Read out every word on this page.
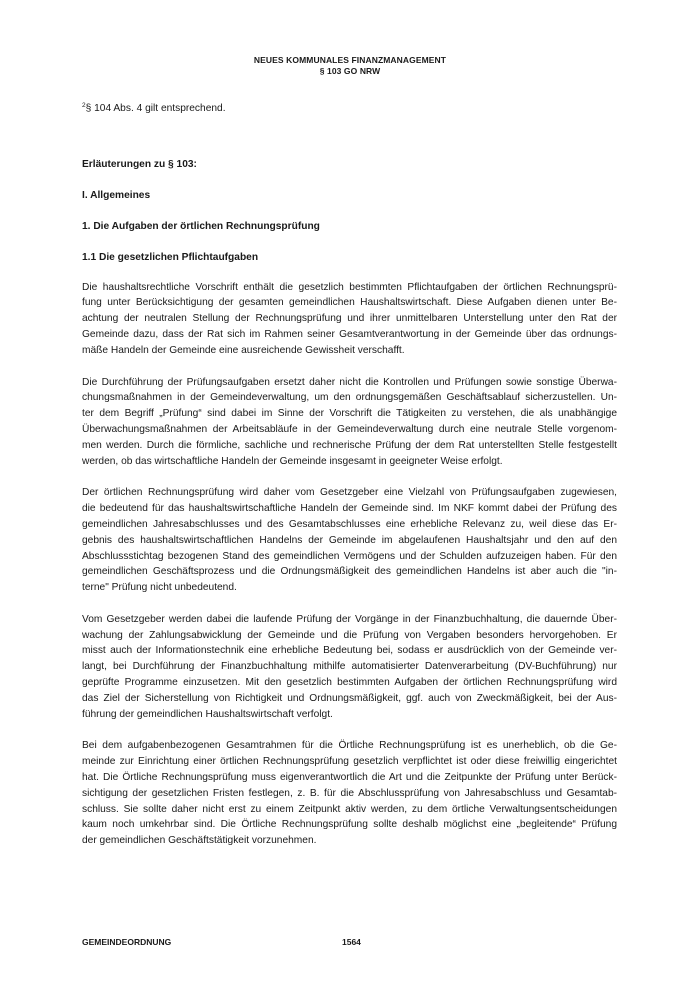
NEUES KOMMUNALES FINANZMANAGEMENT
§ 103 GO NRW

$^2$§ 104 Abs. 4 gilt entsprechend.

Erläuterungen zu § 103:

I. Allgemeines

1. Die Aufgaben der örtlichen Rechnungsprüfung

1.1 Die gesetzlichen Pflichtaufgaben

Die haushaltsrechtliche Vorschrift enthält die gesetzlich bestimmten Pflichtaufgaben der örtlichen Rechnungsprü-
fung unter Berücksichtigung der gesamten gemeindlichen Haushaltswirtschaft. Diese Aufgaben dienen unter Be-
achtung der neutralen Stellung der Rechnungsprüfung und ihrer unmittelbaren Unterstellung unter den Rat der
Gemeinde dazu, dass der Rat sich im Rahmen seiner Gesamtverantwortung in der Gemeinde über das ordnungs-
mäße Handeln der Gemeinde eine ausreichende Gewissheit verschafft.
Die Durchführung der Prüfungsaufgaben ersetzt daher nicht die Kontrollen und Prüfungen sowie sonstige Überwa-
chungsmaßnahmen in der Gemeindeverwaltung, um den ordnungsgemäßen Geschäftsablauf sicherzustellen. Un-
ter dem Begriff „Prüfung“ sind dabei im Sinne der Vorschrift die Tätigkeiten zu verstehen, die als unabhängige
Überwachungsmaßnahmen der Arbeitsabläufe in der Gemeindeverwaltung durch eine neutrale Stelle vorgenom-
men werden. Durch die förmliche, sachliche und rechnerische Prüfung der dem Rat unterstellten Stelle festgestellt
werden, ob das wirtschaftliche Handeln der Gemeinde insgesamt in geeigneter Weise erfolgt.
Der örtlichen Rechnungsprüfung wird daher vom Gesetzgeber eine Vielzahl von Prüfungsaufgaben zugewiesen,
die bedeutend für das haushaltswirtschaftliche Handeln der Gemeinde sind. Im NKF kommt dabei der Prüfung des
gemeindlichen Jahresabschlusses und des Gesamtabschlusses eine erhebliche Relevanz zu, weil diese das Er-
gebnis des haushaltswirtschaftlichen Handelns der Gemeinde im abgelaufenen Haushaltsjahr und den auf den
Abschlussstichtag bezogenen Stand des gemeindlichen Vermögens und der Schulden aufzuzeigen haben. Für den
gemeindlichen Geschäftsprozess und die Ordnungsmäßigkeit des gemeindlichen Handelns ist aber auch die "in-
terne" Prüfung nicht unbedeutend.
Vom Gesetzgeber werden dabei die laufende Prüfung der Vorgänge in der Finanzbuchhaltung, die dauernde Über-
wachung der Zahlungsabwicklung der Gemeinde und die Prüfung von Vergaben besonders hervorgehoben. Er
misst auch der Informationstechnik eine erhebliche Bedeutung bei, sodass er ausdrücklich von der Gemeinde ver-
langt, bei Durchführung der Finanzbuchhaltung mithilfe automatisierter Datenverarbeitung (DV-Buchführung) nur
geprüfte Programme einzusetzen. Mit den gesetzlich bestimmten Aufgaben der örtlichen Rechnungsprüfung wird
das Ziel der Sicherstellung von Richtigkeit und Ordnungsmäßigkeit, ggf. auch von Zweckmäßigkeit, bei der Aus-
führung der gemeindlichen Haushaltswirtschaft verfolgt.
Bei dem aufgabenbezogenen Gesamtrahmen für die Örtliche Rechnungsprüfung ist es unerheblich, ob die Ge-
meinde zur Einrichtung einer örtlichen Rechnungsprüfung gesetzlich verpflichtet ist oder diese freiwillig eingerichtet
hat. Die Örtliche Rechnungsprüfung muss eigenverantwortlich die Art und die Zeitpunkte der Prüfung unter Berück-
sichtigung der gesetzlichen Fristen festlegen, z. B. für die Abschlussprüfung von Jahresabschluss und Gesamtab-
schluss. Sie sollte daher nicht erst zu einem Zeitpunkt aktiv werden, zu dem örtliche Verwaltungsentscheidungen
kaum noch umkehrbar sind. Die Örtliche Rechnungsprüfung sollte deshalb möglichst eine „begleitende“ Prüfung
der gemeindlichen Geschäftstätigkeit vorzunehmen.
GEMEINDEORDNUNG	1564
